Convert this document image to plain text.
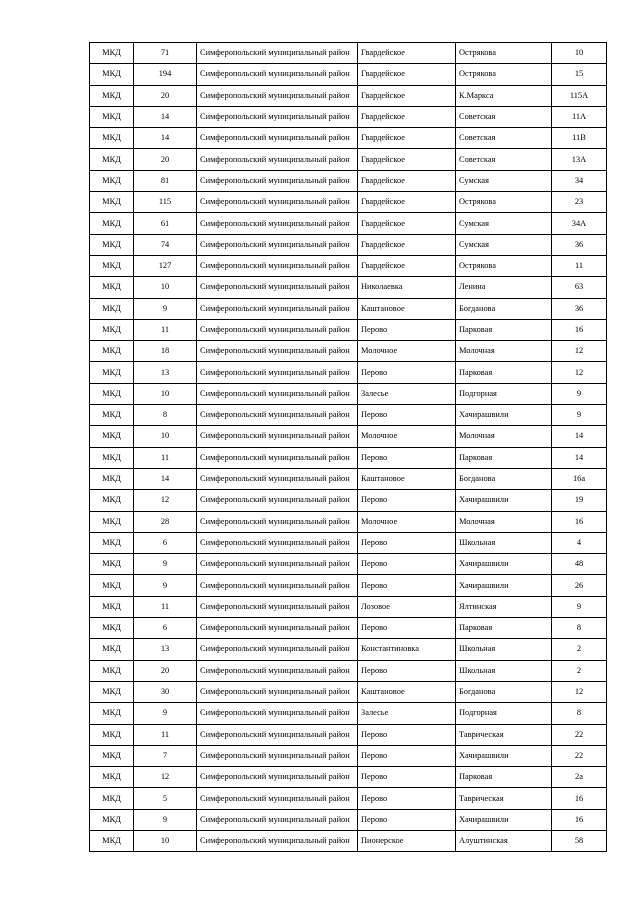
МКД	71	Симферопольский муниципальный район	Гвардейское	Острякова	10
МКД	194	Симферопольский муниципальный район	Гвардейское	Острякова	15
МКД	20	Симферопольский муниципальный район	Гвардейское	К.Маркса	115А
МКД	14	Симферопольский муниципальный район	Гвардейское	Советская	11А
МКД	14	Симферопольский муниципальный район	Гвардейское	Советская	11В
МКД	20	Симферопольский муниципальный район	Гвардейское	Советская	13А
МКД	81	Симферопольский муниципальный район	Гвардейское	Сумская	34
МКД	115	Симферопольский муниципальный район	Гвардейское	Острякова	23
МКД	61	Симферопольский муниципальный район	Гвардейское	Сумская	34А
МКД	74	Симферопольский муниципальный район	Гвардейское	Сумская	36
МКД	127	Симферопольский муниципальный район	Гвардейское	Острякова	11
МКД	10	Симферопольский муниципальный район	Николаевка	Ленина	63
МКД	9	Симферопольский муниципальный район	Каштановое	Богданова	36
МКД	11	Симферопольский муниципальный район	Перово	Парковая	16
МКД	18	Симферопольский муниципальный район	Молочное	Молочная	12
МКД	13	Симферопольский муниципальный район	Перово	Парковая	12
МКД	10	Симферопольский муниципальный район	Залесье	Подгорная	9
МКД	8	Симферопольский муниципальный район	Перово	Хачирашвили	9
МКД	10	Симферопольский муниципальный район	Молочное	Молочная	14
МКД	11	Симферопольский муниципальный район	Перово	Парковая	14
МКД	14	Симферопольский муниципальный район	Каштановое	Богданова	16а
МКД	12	Симферопольский муниципальный район	Перово	Хачирашвили	19
МКД	28	Симферопольский муниципальный район	Молочное	Молочная	16
МКД	6	Симферопольский муниципальный район	Перово	Школьная	4
МКД	9	Симферопольский муниципальный район	Перово	Хачирашвили	48
МКД	9	Симферопольский муниципальный район	Перово	Хачирашвили	26
МКД	11	Симферопольский муниципальный район	Лозовое	Ялтинская	9
МКД	6	Симферопольский муниципальный район	Перово	Парковая	8
МКД	13	Симферопольский муниципальный район	Константиновка	Школьная	2
МКД	20	Симферопольский муниципальный район	Перово	Школьная	2
МКД	30	Симферопольский муниципальный район	Каштановое	Богданова	12
МКД	9	Симферопольский муниципальный район	Залесье	Подгорная	8
МКД	11	Симферопольский муниципальный район	Перово	Таврическая	22
МКД	7	Симферопольский муниципальный район	Перово	Хачирашвили	22
МКД	12	Симферопольский муниципальный район	Перово	Парковая	2а
МКД	5	Симферопольский муниципальный район	Перово	Таврическая	16
МКД	9	Симферопольский муниципальный район	Перово	Хачирашвили	16
МКД	10	Симферопольский муниципальный район	Пионерское	Алуштинская	58
